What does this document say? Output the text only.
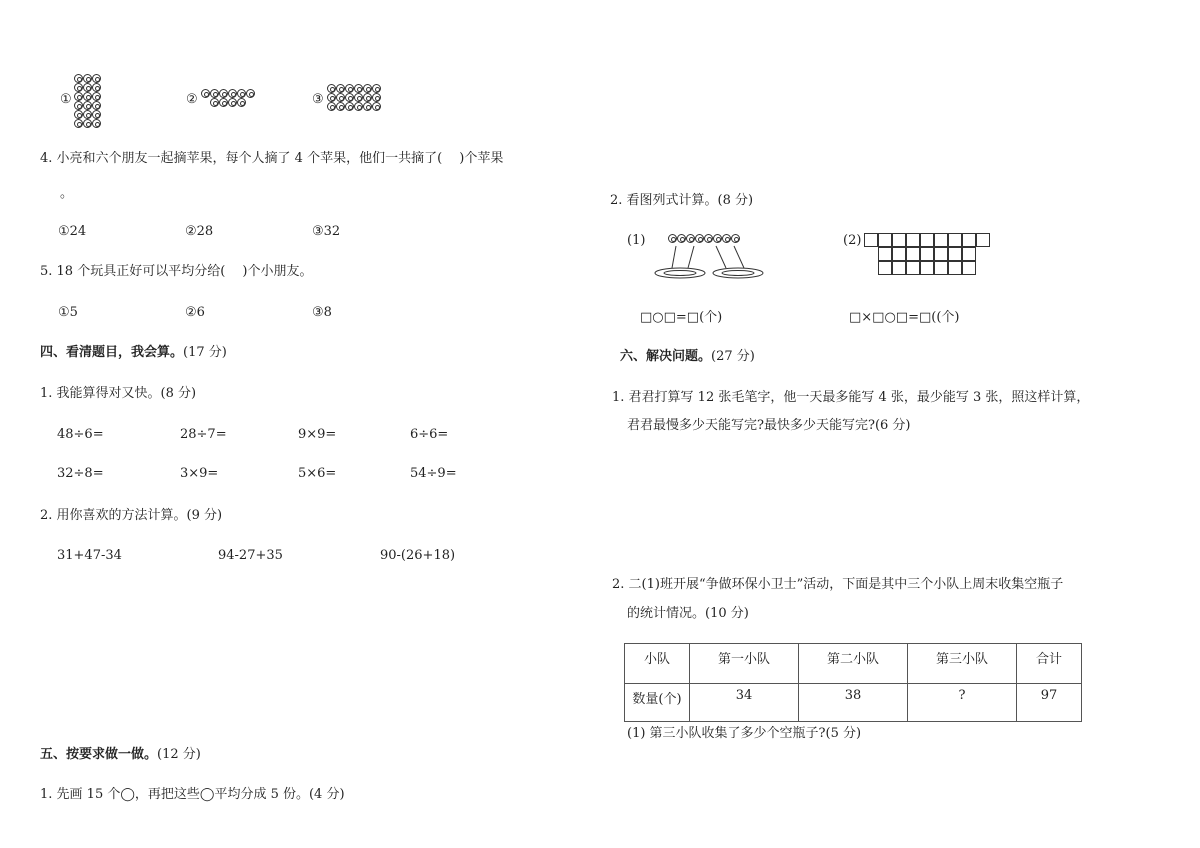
①	②	③

4. 小亮和六个朋友一起摘苹果，每个人摘了 4 个苹果，他们一共摘了(　 )个苹果
。
①24	②28	③32
5. 18 个玩具正好可以平均分给(　 )个小朋友。
①5	②6	③8
四、看清题目，我会算。(17 分)
1. 我能算得对又快。(8 分)
48÷6=	28÷7=	9×9=	6÷6=
32÷8=	3×9=	5×6=	54÷9=
2. 用你喜欢的方法计算。(9 分)
31+47-34	94-27+35	90-(26+18)
五、按要求做一做。(12 分)
1. 先画 15 个◯，再把这些◯平均分成 5 份。(4 分)
2. 看图列式计算。(8 分)
(1)	(2)
□○□=□(个)	□×□○□=□((个)
六、解决问题。(27 分)
1. 君君打算写 12 张毛笔字，他一天最多能写 4 张，最少能写 3 张，照这样计算，
君君最慢多少天能写完?最快多少天能写完?(6 分)
2. 二(1)班开展“争做环保小卫士”活动，下面是其中三个小队上周末收集空瓶子
的统计情况。(10 分)
小队	第一小队	第二小队	第三小队	合计
数量(个)	34	38	?	97
(1) 第三小队收集了多少个空瓶子?(5 分)
